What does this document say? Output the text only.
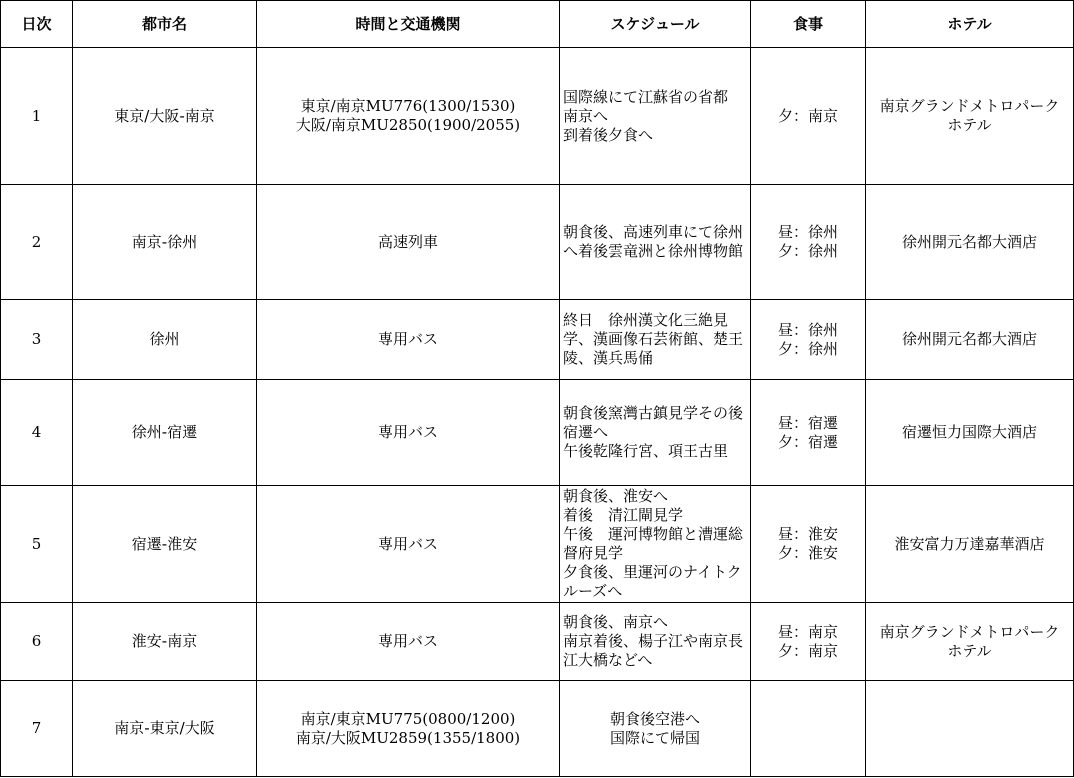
日次	都市名	時間と交通機関	スケジュール	食事	ホテル
1	東京/大阪-南京	東京/南京MU776(1300/1530)
大阪/南京MU2850(1900/2055)	国際線にて江蘇省の省都
南京へ
到着後夕食へ	夕：南京	南京グランドメトロパーク
ホテル

2	南京-徐州	高速列車	朝食後、高速列車にて徐州へ着後雲竜洲と徐州博物館	昼：徐州
夕：徐州	徐州開元名都大酒店

3	徐州	専用バス	終日　徐州漢文化三絶見学、漢画像石芸術館、楚王陵、漢兵馬俑	昼：徐州
夕：徐州	徐州開元名都大酒店

4	徐州-宿遷	専用バス	朝食後窯灣古鎮見学その後宿遷へ
午後乾隆行宮、項王古里	昼：宿遷
夕：宿遷	宿遷恒力国際大酒店

5	宿遷-淮安	専用バス	朝食後、淮安へ
着後　清江閘見学
午後　運河博物館と漕運総督府見学
夕食後、里運河のナイトクルーズへ	昼：淮安
夕：淮安	淮安富力万達嘉華酒店

6	淮安-南京	専用バス	朝食後、南京へ
南京着後、楊子江や南京長江大橋などへ	昼：南京
夕：南京	南京グランドメトロパーク
ホテル

7	南京-東京/大阪	南京/東京MU775(0800/1200)
南京/大阪MU2859(1355/1800)	朝食後空港へ
国際にて帰国		
